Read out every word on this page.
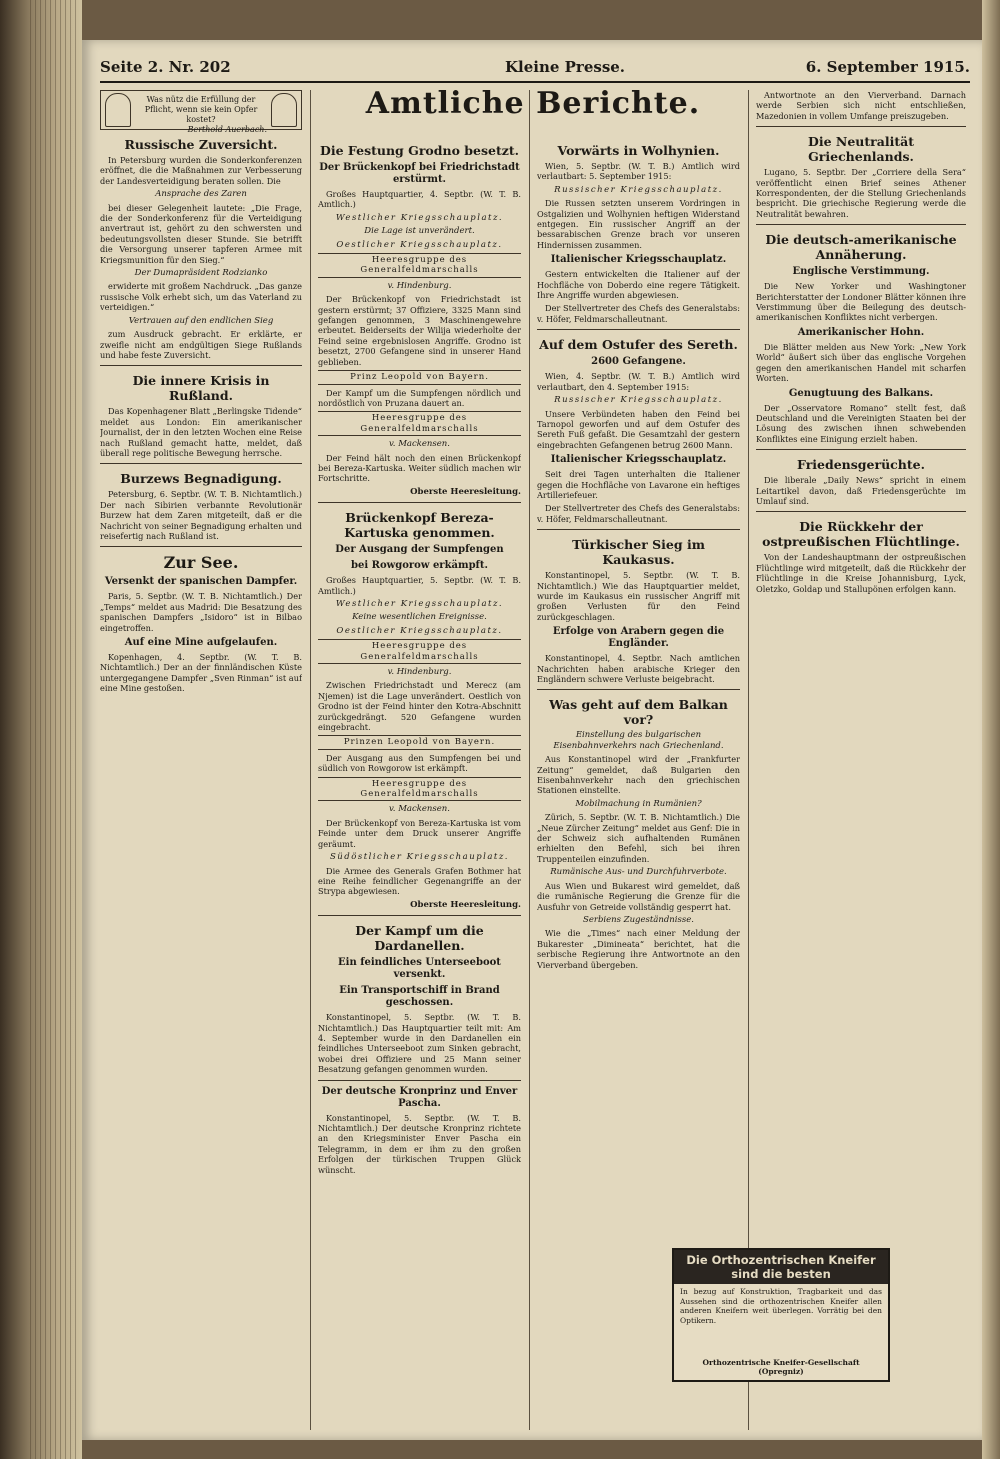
Seite 2. Nr. 202	Kleine Presse.	6. September 1915.
Amtliche Berichte.
Was nütz die Erfüllung der Pflicht, wenn sie kein Opfer kostet?
Berthold Auerbach.
Russische Zuversicht.

In Petersburg wurden die Sonderkonferenzen eröffnet, die die Maßnahmen zur Verbesserung der Landesverteidigung beraten sollen. Die

Ansprache des Zaren

bei dieser Gelegenheit lautete: „Die Frage, die der Sonderkonferenz für die Verteidigung anvertraut ist, gehört zu den schwersten und bedeutungsvollsten dieser Stunde. Sie betrifft die Versorgung unserer tapferen Armee mit Kriegsmunition für den Sieg.“

Der Dumapräsident Rodzianko

erwiderte mit großem Nachdruck. „Das ganze russische Volk erhebt sich, um das Vaterland zu verteidigen.“

Vertrauen auf den endlichen Sieg

zum Ausdruck gebracht. Er erklärte, er zweifle nicht am endgültigen Siege Rußlands und habe feste Zuversicht.

Die innere Krisis in Rußland.

Das Kopenhagener Blatt „Berlingske Tidende“ meldet aus London: Ein amerikanischer Journalist, der in den letzten Wochen eine Reise nach Rußland gemacht hatte, meldet, daß überall rege politische Bewegung herrsche.

Burzews Begnadigung.

Petersburg, 6. Septbr. (W. T. B. Nichtamtlich.) Der nach Sibirien verbannte Revolutionär Burzew hat dem Zaren mitgeteilt, daß er die Nachricht von seiner Begnadigung erhalten und reisefertig nach Rußland ist.

Zur See.
Versenkt der spanischen Dampfer.

Paris, 5. Septbr. (W. T. B. Nichtamtlich.) Der „Temps“ meldet aus Madrid: Die Besatzung des spanischen Dampfers „Isidoro“ ist in Bilbao eingetroffen.

Auf eine Mine aufgelaufen.

Kopenhagen, 4. Septbr. (W. T. B. Nichtamtlich.) Der an der finnländischen Küste untergegangene Dampfer „Sven Rinman“ ist auf eine Mine gestoßen.

Die Festung Grodno besetzt.
Der Brückenkopf bei Friedrichstadt erstürmt.

Großes Hauptquartier, 4. Septbr. (W. T. B. Amtlich.)

Westlicher Kriegsschauplatz.
Die Lage ist unverändert.
Oestlicher Kriegsschauplatz.
Heeresgruppe des Generalfeldmarschalls
v. Hindenburg.

Der Brückenkopf von Friedrichstadt ist gestern erstürmt; 37 Offiziere, 3325 Mann sind gefangen genommen, 3 Maschinengewehre erbeutet. Beiderseits der Wilija wiederholte der Feind seine ergebnislosen Angriffe. Grodno ist besetzt, 2700 Gefangene sind in unserer Hand geblieben.

Prinz Leopold von Bayern.

Der Kampf um die Sumpfengen nördlich und nordöstlich von Pruzana dauert an.

Heeresgruppe des Generalfeldmarschalls
v. Mackensen.

Der Feind hält noch den einen Brückenkopf bei Bereza-Kartuska. Weiter südlich machen wir Fortschritte.

Oberste Heeresleitung.
Brückenkopf Bereza-Kartuska genommen.
Der Ausgang der Sumpfengen
bei Rowgorow erkämpft.

Großes Hauptquartier, 5. Septbr. (W. T. B. Amtlich.)

Westlicher Kriegsschauplatz.
Keine wesentlichen Ereignisse.
Oestlicher Kriegsschauplatz.
Heeresgruppe des Generalfeldmarschalls
v. Hindenburg.

Zwischen Friedrichstadt und Merecz (am Njemen) ist die Lage unverändert. Oestlich von Grodno ist der Feind hinter den Kotra-Abschnitt zurückgedrängt. 520 Gefangene wurden eingebracht.

Prinzen Leopold von Bayern.

Der Ausgang aus den Sumpfengen bei und südlich von Rowgorow ist erkämpft.

Heeresgruppe des Generalfeldmarschalls
v. Mackensen.

Der Brückenkopf von Bereza-Kartuska ist vom Feinde unter dem Druck unserer Angriffe geräumt.

Südöstlicher Kriegsschauplatz.

Die Armee des Generals Grafen Bothmer hat eine Reihe feindlicher Gegenangriffe an der Strypa abgewiesen.

Oberste Heeresleitung.
Der Kampf um die Dardanellen.
Ein feindliches Unterseeboot versenkt.
Ein Transportschiff in Brand geschossen.

Konstantinopel, 5. Septbr. (W. T. B. Nichtamtlich.) Das Hauptquartier teilt mit: Am 4. September wurde in den Dardanellen ein feindliches Unterseeboot zum Sinken gebracht, wobei drei Offiziere und 25 Mann seiner Besatzung gefangen genommen wurden.

Der deutsche Kronprinz und Enver Pascha.

Konstantinopel, 5. Septbr. (W. T. B. Nichtamtlich.) Der deutsche Kronprinz richtete an den Kriegsminister Enver Pascha ein Telegramm, in dem er ihm zu den großen Erfolgen der türkischen Truppen Glück wünscht.

Vorwärts in Wolhynien.

Wien, 5. Septbr. (W. T. B.) Amtlich wird verlautbart: 5. September 1915:

Russischer Kriegsschauplatz.

Die Russen setzten unserem Vordringen in Ostgalizien und Wolhynien heftigen Widerstand entgegen. Ein russischer Angriff an der bessarabischen Grenze brach vor unseren Hindernissen zusammen.

Italienischer Kriegsschauplatz.

Gestern entwickelten die Italiener auf der Hochfläche von Doberdo eine regere Tätigkeit. Ihre Angriffe wurden abgewiesen.

Der Stellvertreter des Chefs des Generalstabs: v. Höfer, Feldmarschalleutnant.

Auf dem Ostufer des Sereth.
2600 Gefangene.

Wien, 4. Septbr. (W. T. B.) Amtlich wird verlautbart, den 4. September 1915:

Russischer Kriegsschauplatz.

Unsere Verbündeten haben den Feind bei Tarnopol geworfen und auf dem Ostufer des Sereth Fuß gefaßt. Die Gesamtzahl der gestern eingebrachten Gefangenen betrug 2600 Mann.

Italienischer Kriegsschauplatz.

Seit drei Tagen unterhalten die Italiener gegen die Hochfläche von Lavarone ein heftiges Artilleriefeuer.

Der Stellvertreter des Chefs des Generalstabs: v. Höfer, Feldmarschalleutnant.

Türkischer Sieg im Kaukasus.

Konstantinopel, 5. Septbr. (W. T. B. Nichtamtlich.) Wie das Hauptquartier meldet, wurde im Kaukasus ein russischer Angriff mit großen Verlusten für den Feind zurückgeschlagen.

Erfolge von Arabern gegen die Engländer.

Konstantinopel, 4. Septbr. Nach amtlichen Nachrichten haben arabische Krieger den Engländern schwere Verluste beigebracht.

Was geht auf dem Balkan vor?
Einstellung des bulgarischen Eisenbahnverkehrs nach Griechenland.

Aus Konstantinopel wird der „Frankfurter Zeitung“ gemeldet, daß Bulgarien den Eisenbahnverkehr nach den griechischen Stationen einstellte.

Mobilmachung in Rumänien?

Zürich, 5. Septbr. (W. T. B. Nichtamtlich.) Die „Neue Zürcher Zeitung“ meldet aus Genf: Die in der Schweiz sich aufhaltenden Rumänen erhielten den Befehl, sich bei ihren Truppenteilen einzufinden.

Rumänische Aus- und Durchfuhrverbote.

Aus Wien und Bukarest wird gemeldet, daß die rumänische Regierung die Grenze für die Ausfuhr von Getreide vollständig gesperrt hat.

Serbiens Zugeständnisse.

Wie die „Times“ nach einer Meldung der Bukarester „Dimineata“ berichtet, hat die serbische Regierung ihre Antwortnote an den Vierverband übergeben.

Antwortnote an den Vierverband. Darnach werde Serbien sich nicht entschließen, Mazedonien in vollem Umfange preiszugeben.

Die Neutralität Griechenlands.

Lugano, 5. Septbr. Der „Corriere della Sera“ veröffentlicht einen Brief seines Athener Korrespondenten, der die Stellung Griechenlands bespricht. Die griechische Regierung werde die Neutralität bewahren.

Die deutsch-amerikanische Annäherung.
Englische Verstimmung.

Die New Yorker und Washingtoner Berichterstatter der Londoner Blätter können ihre Verstimmung über die Beilegung des deutsch-amerikanischen Konfliktes nicht verbergen.

Amerikanischer Hohn.

Die Blätter melden aus New York: „New York World“ äußert sich über das englische Vorgehen gegen den amerikanischen Handel mit scharfen Worten.

Genugtuung des Balkans.

Der „Osservatore Romano“ stellt fest, daß Deutschland und die Vereinigten Staaten bei der Lösung des zwischen ihnen schwebenden Konfliktes eine Einigung erzielt haben.

Friedensgerüchte.

Die liberale „Daily News“ spricht in einem Leitartikel davon, daß Friedensgerüchte im Umlauf sind.

Die Rückkehr der ostpreußischen Flüchtlinge.

Von der Landeshauptmann der ostpreußischen Flüchtlinge wird mitgeteilt, daß die Rückkehr der Flüchtlinge in die Kreise Johannisburg, Lyck, Oletzko, Goldap und Stallupönen erfolgen kann.

Die Orthozentrischen Kneifer sind die besten
In bezug auf Konstruktion, Tragbarkeit und das Aussehen sind die orthozentrischen Kneifer allen anderen Kneifern weit überlegen. Vorrätig bei den Optikern.
Orthozentrische Kneifer-Gesellschaft (Opregniz)
